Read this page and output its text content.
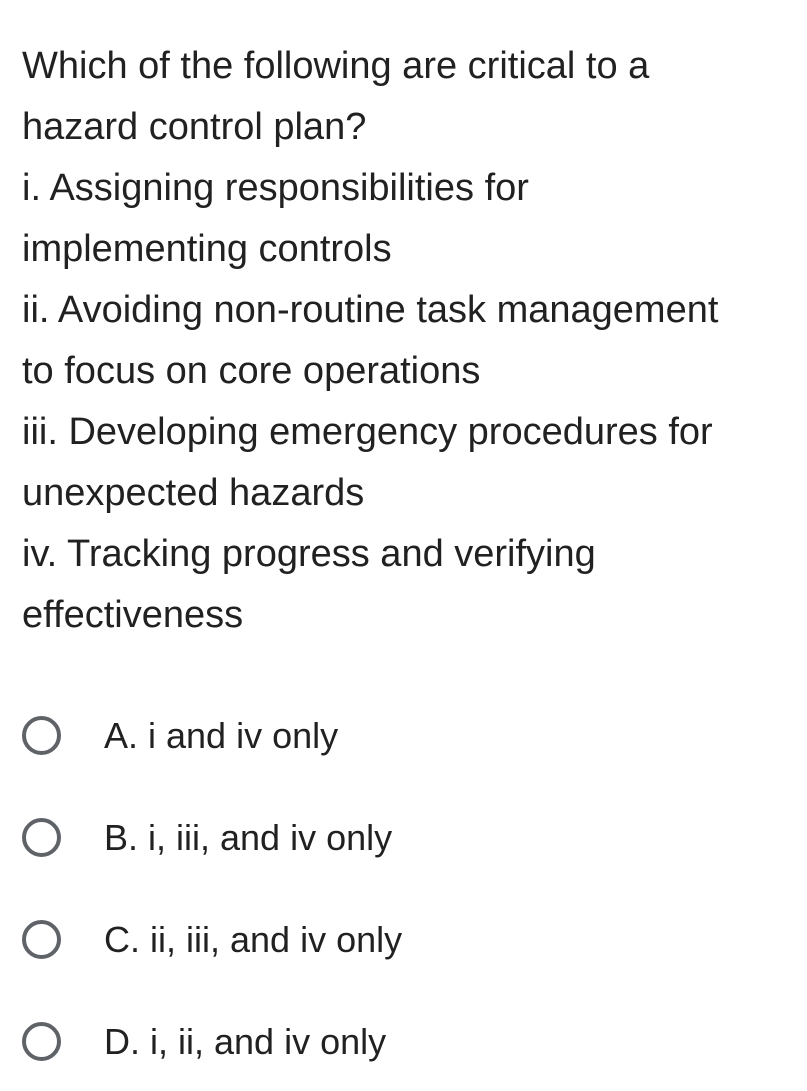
Which of the following are critical to a
hazard control plan?
i. Assigning responsibilities for
implementing controls
ii. Avoiding non-routine task management
to focus on core operations
iii. Developing emergency procedures for
unexpected hazards
iv. Tracking progress and verifying
effectiveness
A. i and iv only
B. i, iii, and iv only
C. ii, iii, and iv only
D. i, ii, and iv only
